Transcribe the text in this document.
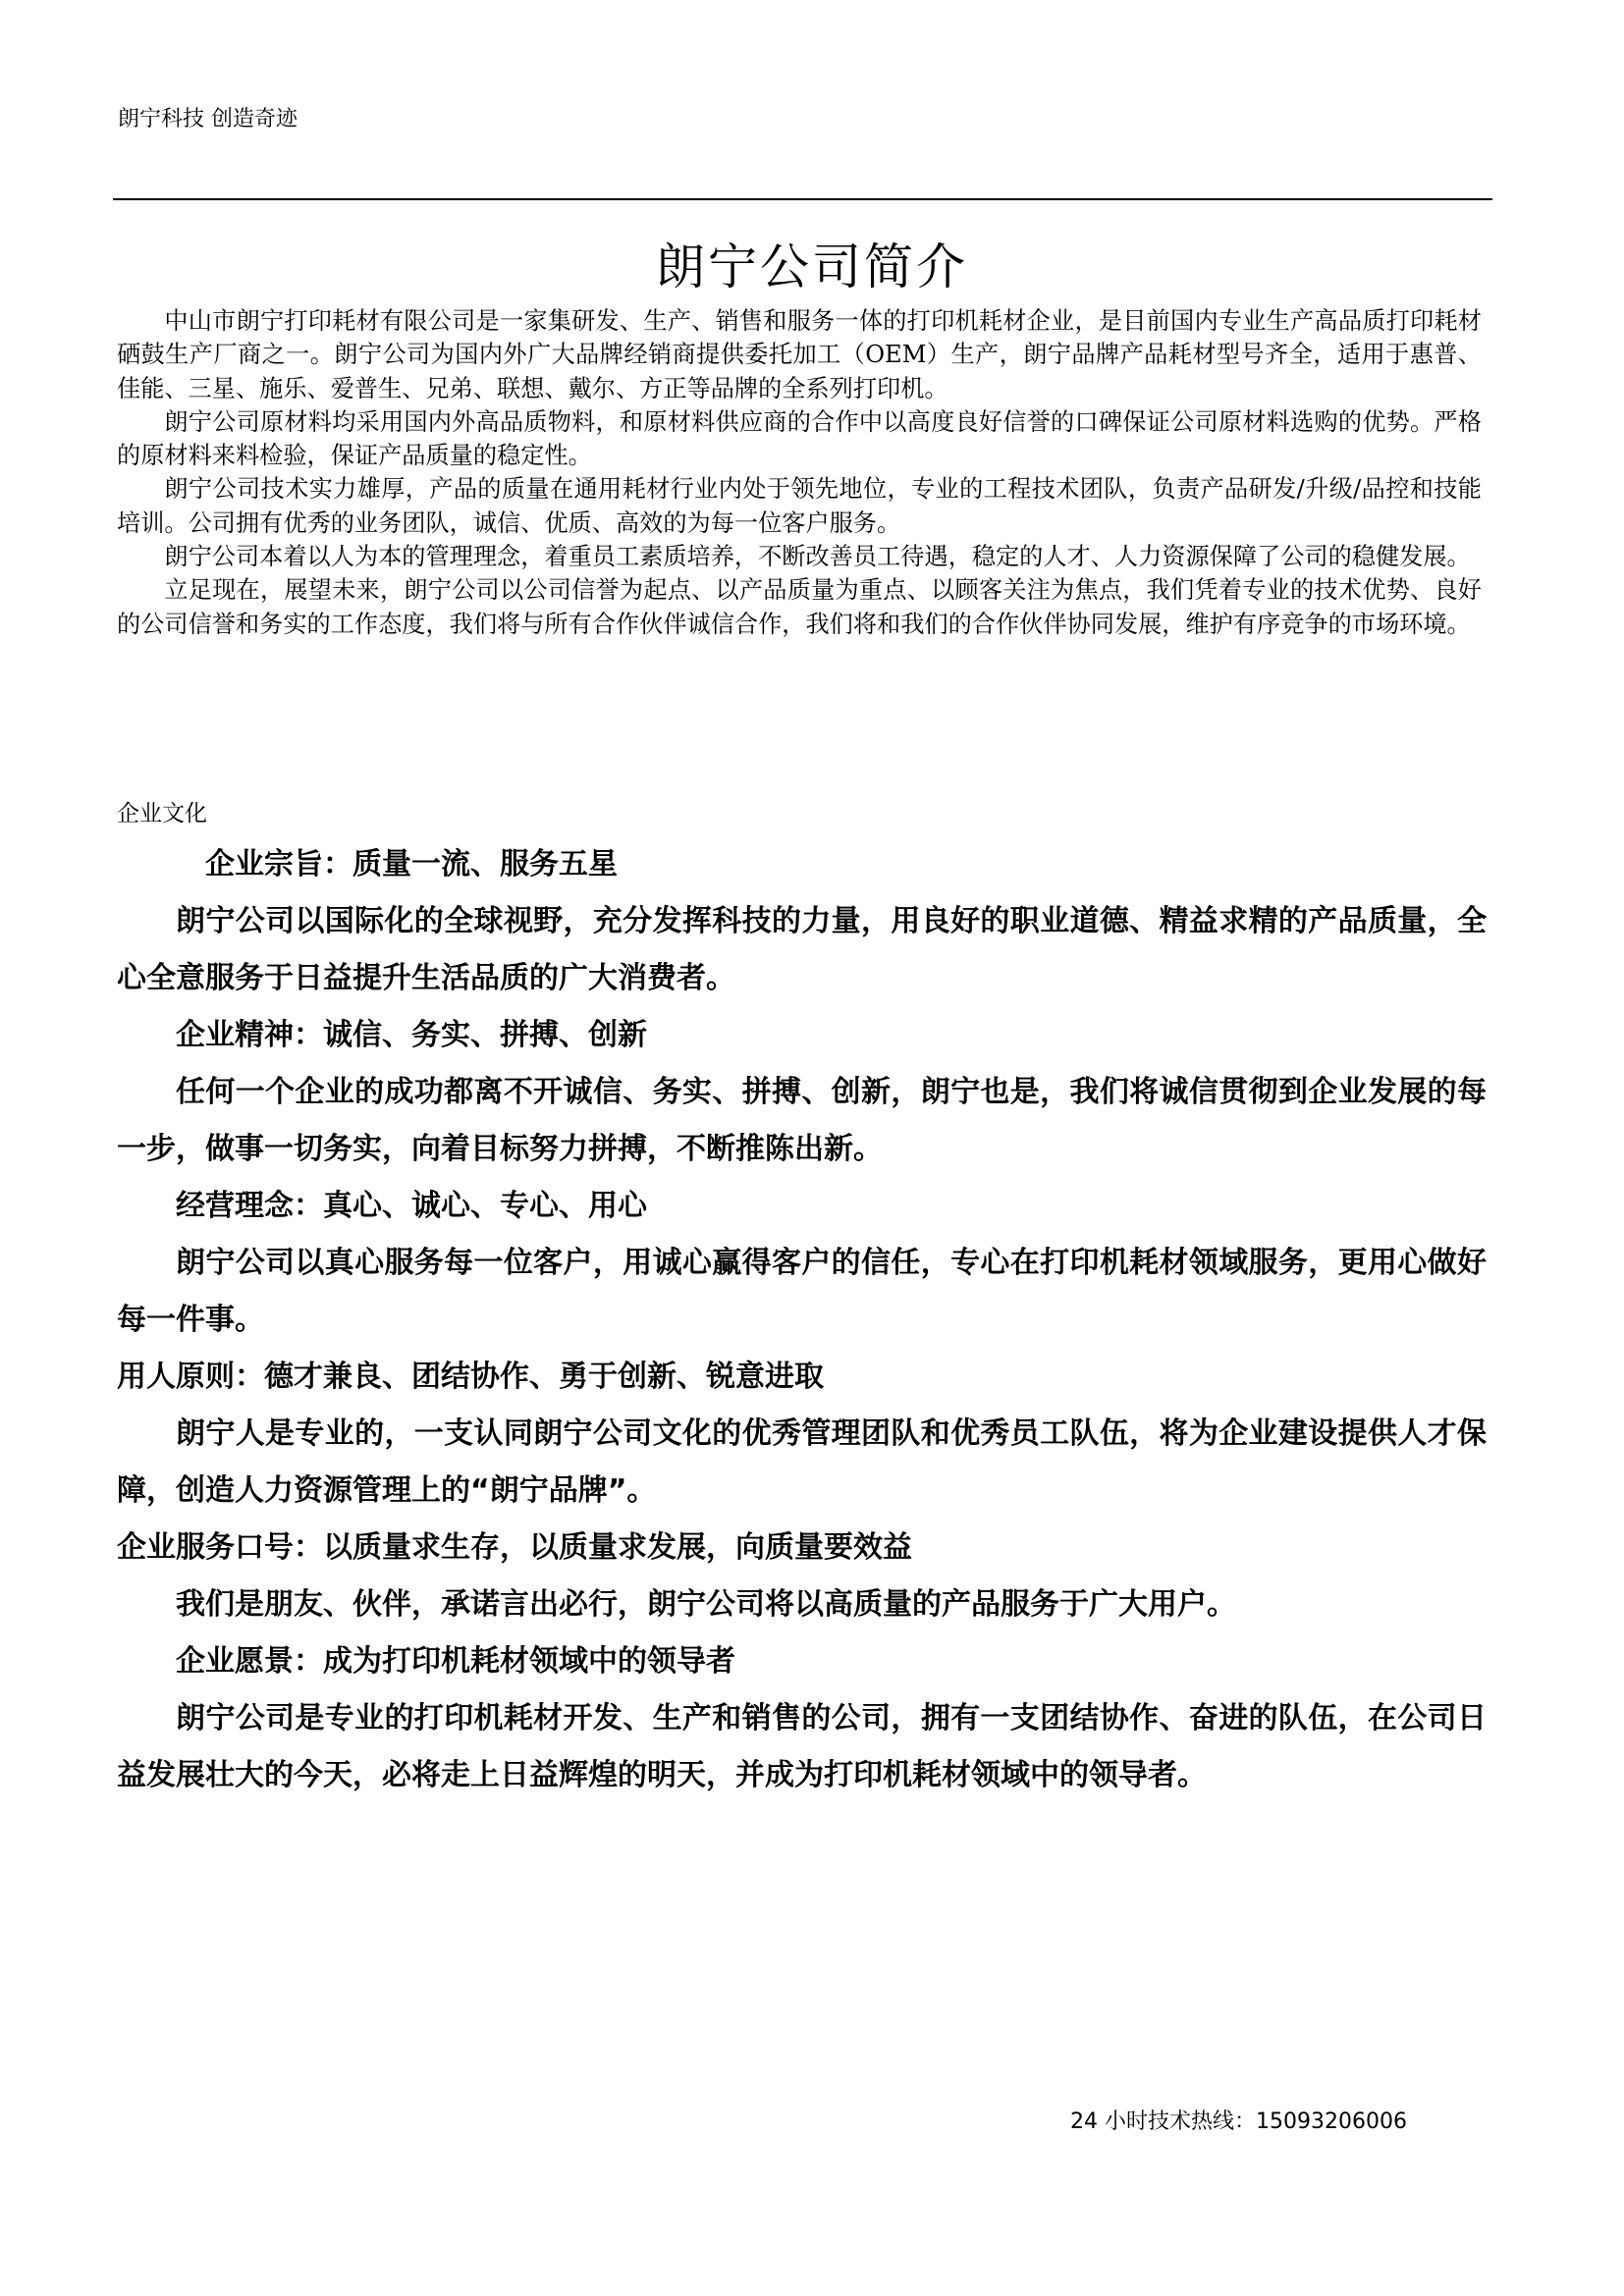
朗宁科技 创造奇迹
朗宁公司简介

中山市朗宁打印耗材有限公司是一家集研发、生产、销售和服务一体的打印机耗材企业，是目前国内专业生产高品质打印耗材硒鼓生产厂商之一。朗宁公司为国内外广大品牌经销商提供委托加工（OEM）生产，朗宁品牌产品耗材型号齐全，适用于惠普、佳能、三星、施乐、爱普生、兄弟、联想、戴尔、方正等品牌的全系列打印机。

朗宁公司原材料均采用国内外高品质物料，和原材料供应商的合作中以高度良好信誉的口碑保证公司原材料选购的优势。严格的原材料来料检验，保证产品质量的稳定性。

朗宁公司技术实力雄厚，产品的质量在通用耗材行业内处于领先地位，专业的工程技术团队，负责产品研发/升级/品控和技能培训。公司拥有优秀的业务团队，诚信、优质、高效的为每一位客户服务。

朗宁公司本着以人为本的管理理念，着重员工素质培养，不断改善员工待遇，稳定的人才、人力资源保障了公司的稳健发展。

立足现在，展望未来，朗宁公司以公司信誉为起点、以产品质量为重点、以顾客关注为焦点，我们凭着专业的技术优势、良好的公司信誉和务实的工作态度，我们将与所有合作伙伴诚信合作，我们将和我们的合作伙伴协同发展，维护有序竞争的市场环境。

企业文化

企业宗旨：质量一流、服务五星

朗宁公司以国际化的全球视野，充分发挥科技的力量，用良好的职业道德、精益求精的产品质量，全心全意服务于日益提升生活品质的广大消费者。

企业精神：诚信、务实、拼搏、创新

任何一个企业的成功都离不开诚信、务实、拼搏、创新，朗宁也是，我们将诚信贯彻到企业发展的每一步，做事一切务实，向着目标努力拼搏，不断推陈出新。

经营理念：真心、诚心、专心、用心

朗宁公司以真心服务每一位客户，用诚心赢得客户的信任，专心在打印机耗材领域服务，更用心做好每一件事。

用人原则：德才兼良、团结协作、勇于创新、锐意进取

朗宁人是专业的，一支认同朗宁公司文化的优秀管理团队和优秀员工队伍，将为企业建设提供人才保障，创造人力资源管理上的“朗宁品牌”。

企业服务口号：以质量求生存，以质量求发展，向质量要效益

我们是朋友、伙伴，承诺言出必行，朗宁公司将以高质量的产品服务于广大用户。

企业愿景：成为打印机耗材领域中的领导者

朗宁公司是专业的打印机耗材开发、生产和销售的公司，拥有一支团结协作、奋进的队伍，在公司日益发展壮大的今天，必将走上日益辉煌的明天，并成为打印机耗材领域中的领导者。

24 小时技术热线：15093206006
